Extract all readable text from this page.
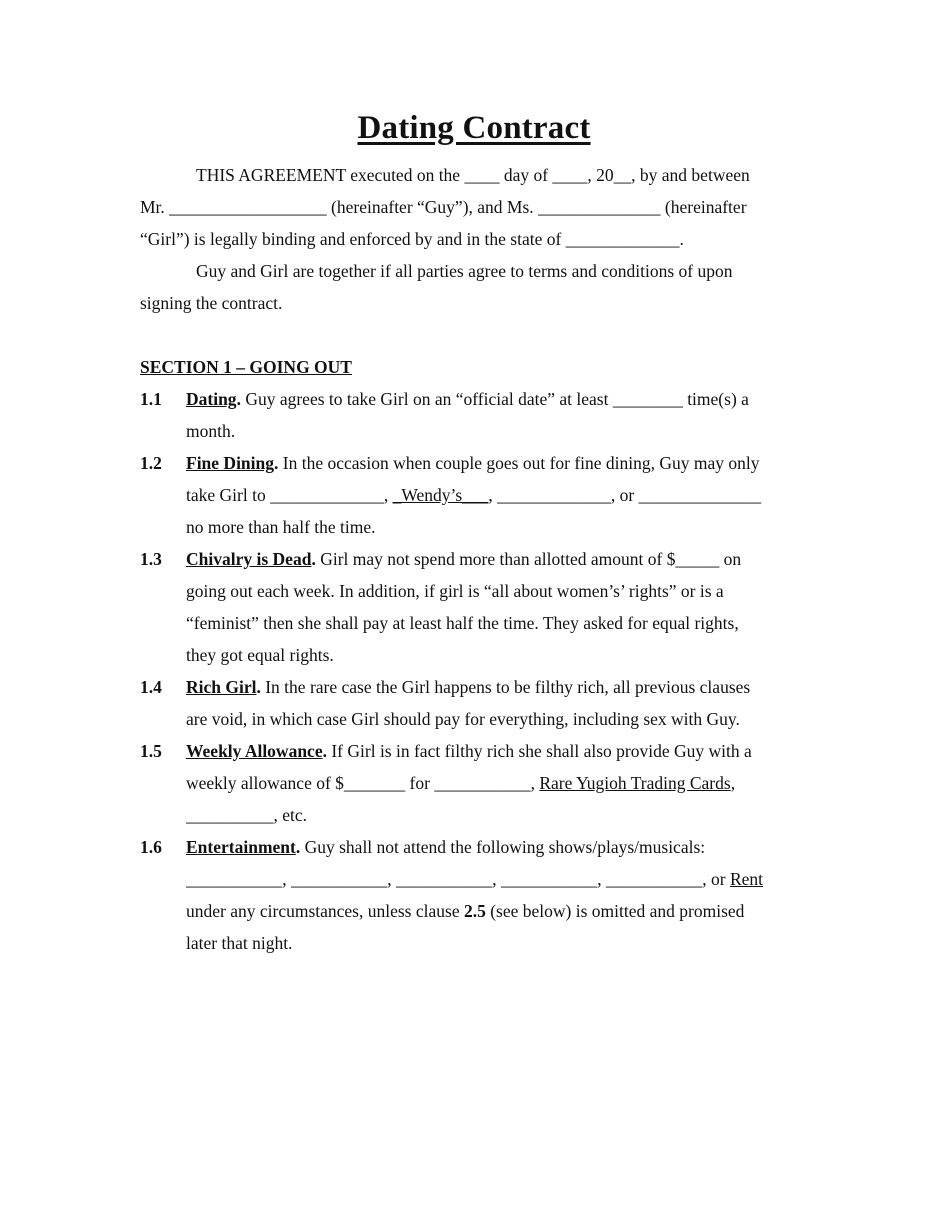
Dating Contract

THIS AGREEMENT executed on the ____ day of ____, 20__, by and between
Mr. __________________ (hereinafter “Guy”), and Ms. ______________ (hereinafter
“Girl”) is legally binding and enforced by and in the state of _____________.

Guy and Girl are together if all parties agree to terms and conditions of upon
signing the contract.

SECTION 1 – GOING OUT

1.1 Dating. Guy agrees to take Girl on an “official date” at least ________ time(s) a
month.
1.2 Fine Dining. In the occasion when couple goes out for fine dining, Guy may only
take Girl to _____________, _Wendy’s___, _____________, or ______________
no more than half the time.
1.3 Chivalry is Dead. Girl may not spend more than allotted amount of $_____ on
going out each week. In addition, if girl is “all about women’s’ rights” or is a
“feminist” then she shall pay at least half the time. They asked for equal rights,
they got equal rights.
1.4 Rich Girl. In the rare case the Girl happens to be filthy rich, all previous clauses
are void, in which case Girl should pay for everything, including sex with Guy.
1.5 Weekly Allowance. If Girl is in fact filthy rich she shall also provide Guy with a
weekly allowance of $_______ for ___________, Rare Yugioh Trading Cards,
__________, etc.
1.6 Entertainment. Guy shall not attend the following shows/plays/musicals:
___________, ___________, ___________, ___________, ___________, or Rent
under any circumstances, unless clause 2.5 (see below) is omitted and promised
later that night.
